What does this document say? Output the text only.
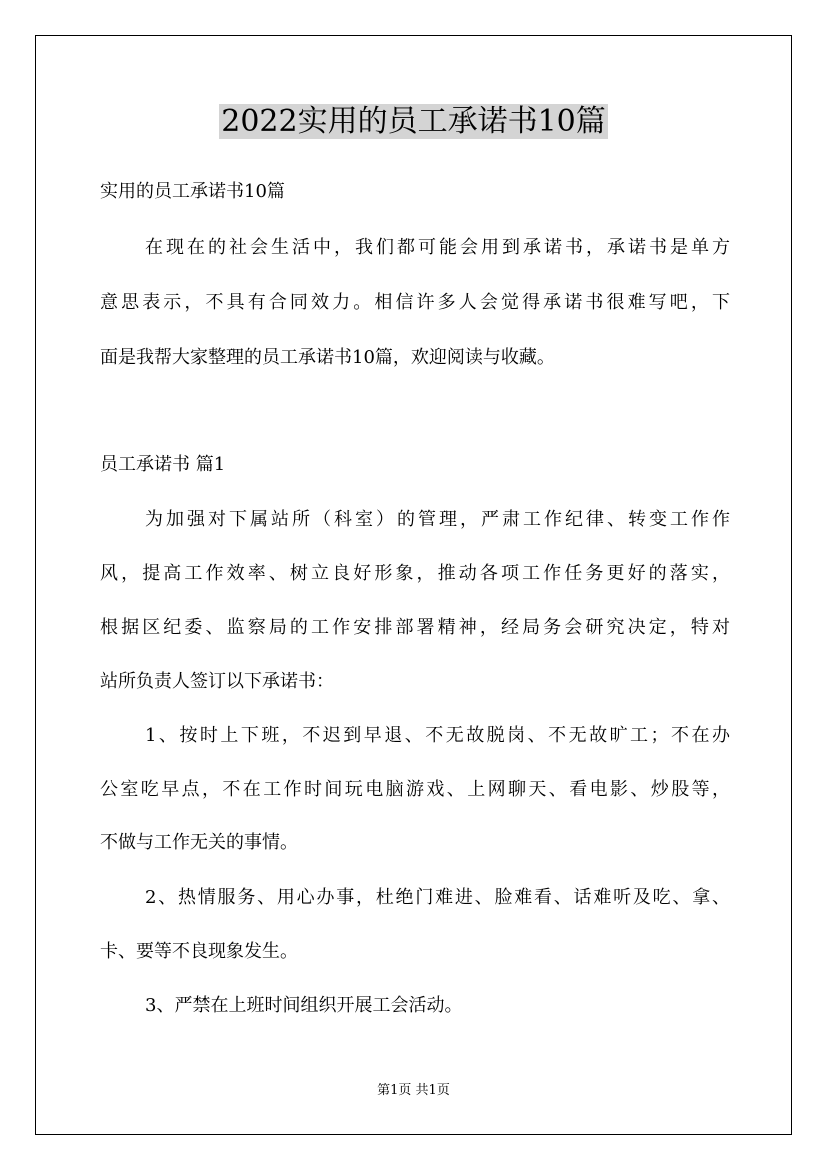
2022实用的员工承诺书10篇
实用的员工承诺书10篇
在现在的社会生活中，我们都可能会用到承诺书，承诺书是单方
意思表示，不具有合同效力。相信许多人会觉得承诺书很难写吧，下
面是我帮大家整理的员工承诺书10篇，欢迎阅读与收藏。
员工承诺书 篇1
为加强对下属站所（科室）的管理，严肃工作纪律、转变工作作
风，提高工作效率、树立良好形象，推动各项工作任务更好的落实，
根据区纪委、监察局的工作安排部署精神，经局务会研究决定，特对
站所负责人签订以下承诺书：
1、按时上下班，不迟到早退、不无故脱岗、不无故旷工；不在办
公室吃早点，不在工作时间玩电脑游戏、上网聊天、看电影、炒股等，
不做与工作无关的事情。
2、热情服务、用心办事，杜绝门难进、脸难看、话难听及吃、拿、
卡、要等不良现象发生。
3、严禁在上班时间组织开展工会活动。
第1页 共1页
